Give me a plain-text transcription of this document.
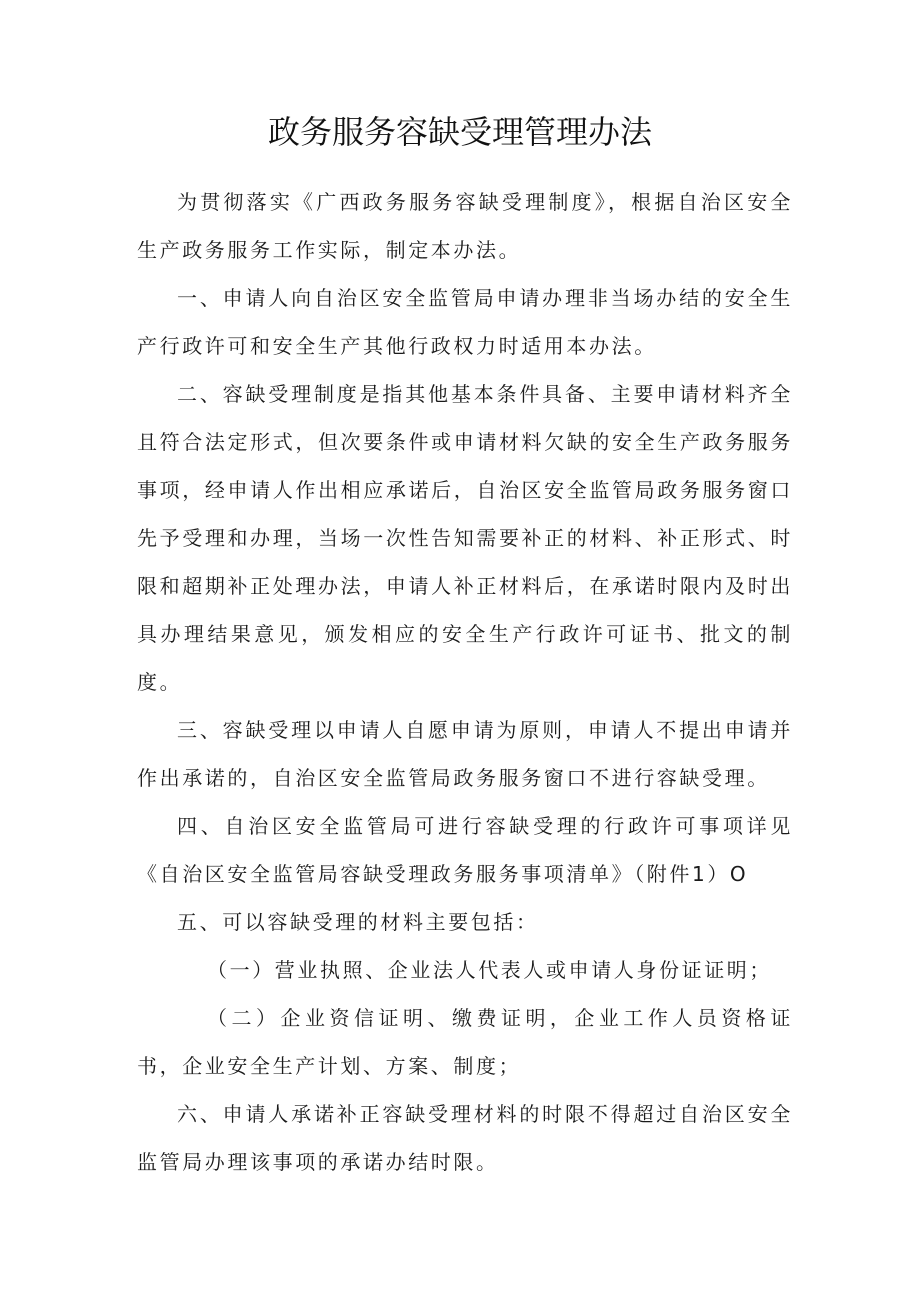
政务服务容缺受理管理办法

为贯彻落实《广西政务服务容缺受理制度》，根据自治区安全生产政务服务工作实际，制定本办法。

一、申请人向自治区安全监管局申请办理非当场办结的安全生产行政许可和安全生产其他行政权力时适用本办法。

二、容缺受理制度是指其他基本条件具备、主要申请材料齐全且符合法定形式，但次要条件或申请材料欠缺的安全生产政务服务事项，经申请人作出相应承诺后，自治区安全监管局政务服务窗口先予受理和办理，当场一次性告知需要补正的材料、补正形式、时限和超期补正处理办法，申请人补正材料后，在承诺时限内及时出具办理结果意见，颁发相应的安全生产行政许可证书、批文的制度。

三、容缺受理以申请人自愿申请为原则，申请人不提出申请并作出承诺的，自治区安全监管局政务服务窗口不进行容缺受理。

四、自治区安全监管局可进行容缺受理的行政许可事项详见《自治区安全监管局容缺受理政务服务事项清单》（附件1）O

五、可以容缺受理的材料主要包括：

（一）营业执照、企业法人代表人或申请人身份证证明；

（二）企业资信证明、缴费证明，企业工作人员资格证书，企业安全生产计划、方案、制度；

六、申请人承诺补正容缺受理材料的时限不得超过自治区安全监管局办理该事项的承诺办结时限。
